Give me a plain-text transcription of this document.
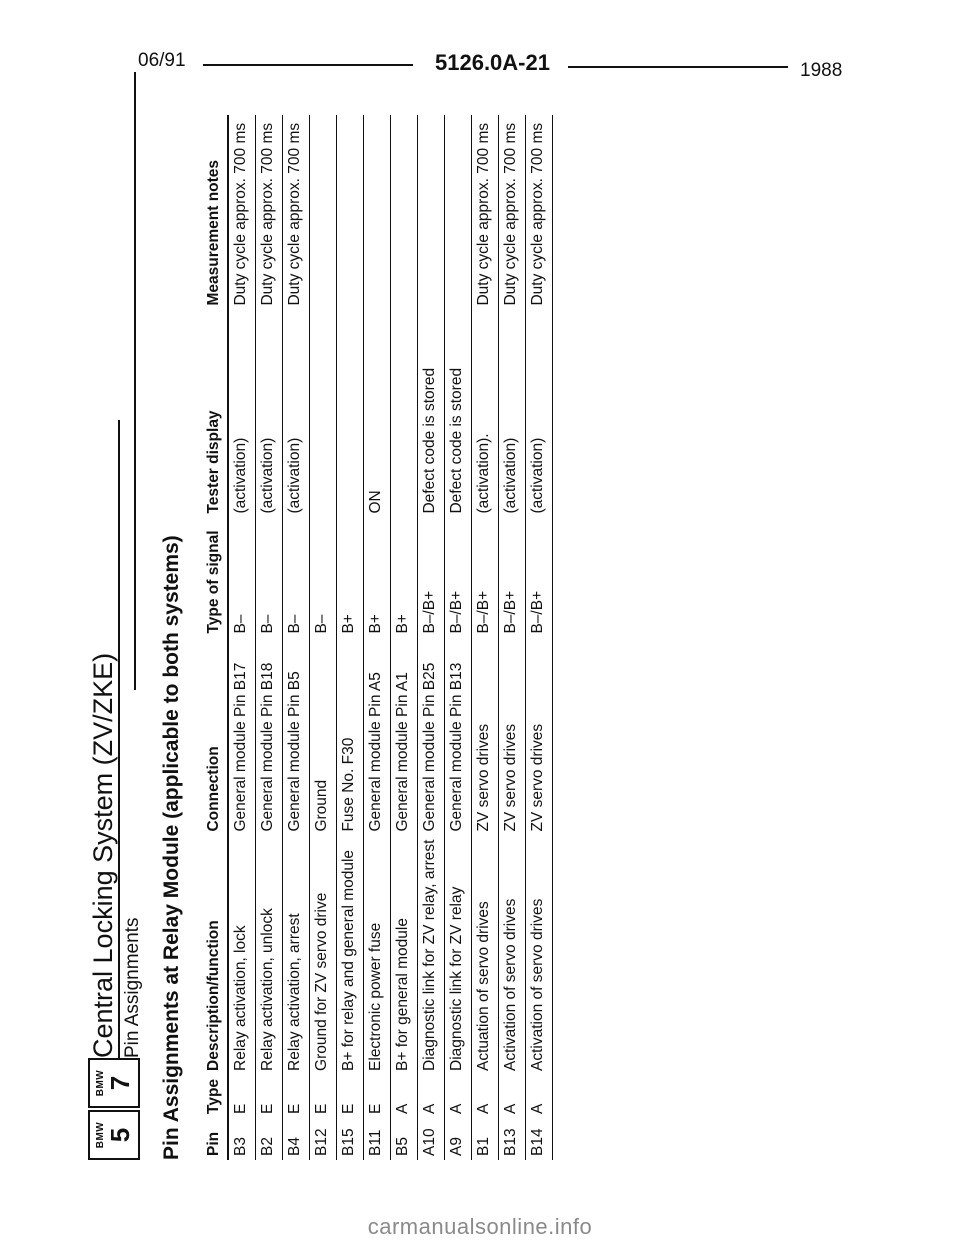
06/91	5126.0A-21	1988
BMW 5
BMW 7
Central Locking System (ZV/ZKE) Pin Assignments Pin Assignments at Relay Module (applicable to both systems) Pin	Type	Description/function	Connection	Type of signal	Tester display	Measurement notes
B3	E	Relay activation, lock	General module Pin B17	B–	(activation)	Duty cycle approx. 700 ms
B2	E	Relay activation, unlock	General module Pin B18	B–	(activation)	Duty cycle approx. 700 ms
B4	E	Relay activation, arrest	General module Pin B5	B–	(activation)	Duty cycle approx. 700 ms
B12	E	Ground for ZV servo drive	Ground	B–		
B15	E	B+ for relay and general module	Fuse No. F30	B+		
B11	E	Electronic power fuse	General module Pin A5	B+	ON	
B5	A	B+ for general module	General module Pin A1	B+		
A10	A	Diagnostic link for ZV relay, arrest	General module Pin B25	B–/B+	Defect code is stored	
A9	A	Diagnostic link for ZV relay	General module Pin B13	B–/B+	Defect code is stored	
B1	A	Actuation of servo drives	ZV servo drives	B–/B+	(activation).	Duty cycle approx. 700 ms
B13	A	Activation of servo drives	ZV servo drives	B–/B+	(activation)	Duty cycle approx. 700 ms
B14	A	Activation of servo drives	ZV servo drives	B–/B+	(activation)	Duty cycle approx. 700 ms
carmanualsonline.info
